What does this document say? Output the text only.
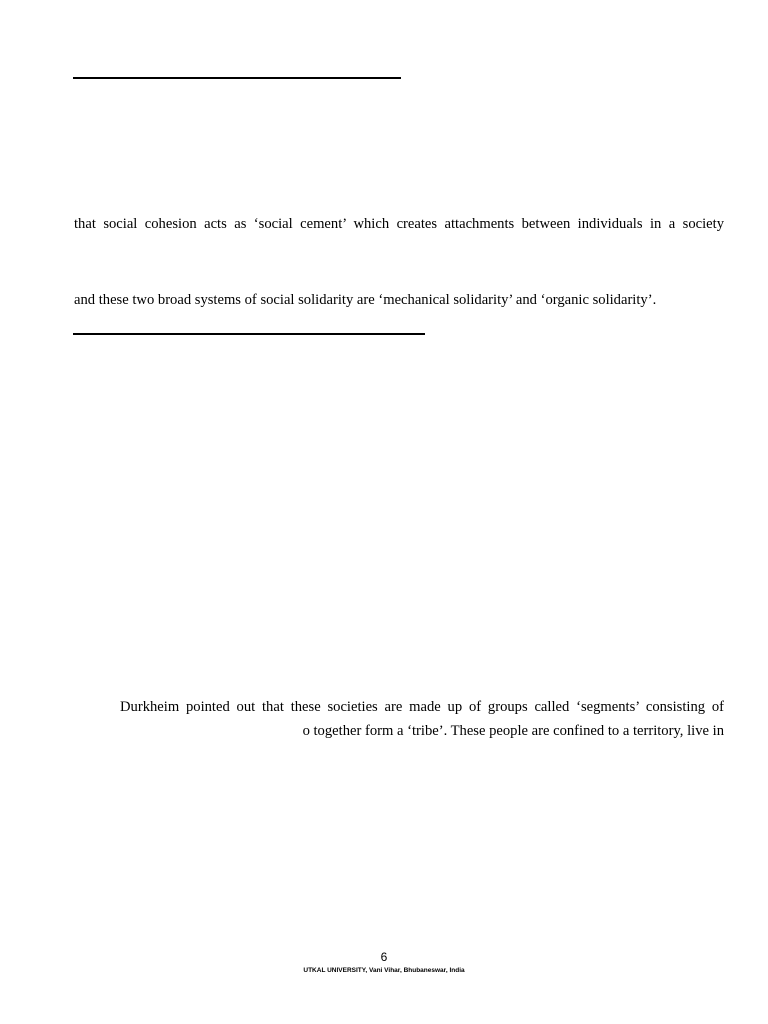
that social cohesion acts as ‘social cement’ which creates attachments between individuals in a society
and these two broad systems of social solidarity are ‘mechanical solidarity’ and ‘organic solidarity’.
Durkheim pointed out that these societies are made up of groups called ‘segments’ consisting of
o together form a ‘tribe’. These people are confined to a territory, live in
6
UTKAL UNIVERSITY, Vani Vihar, Bhubaneswar, India
